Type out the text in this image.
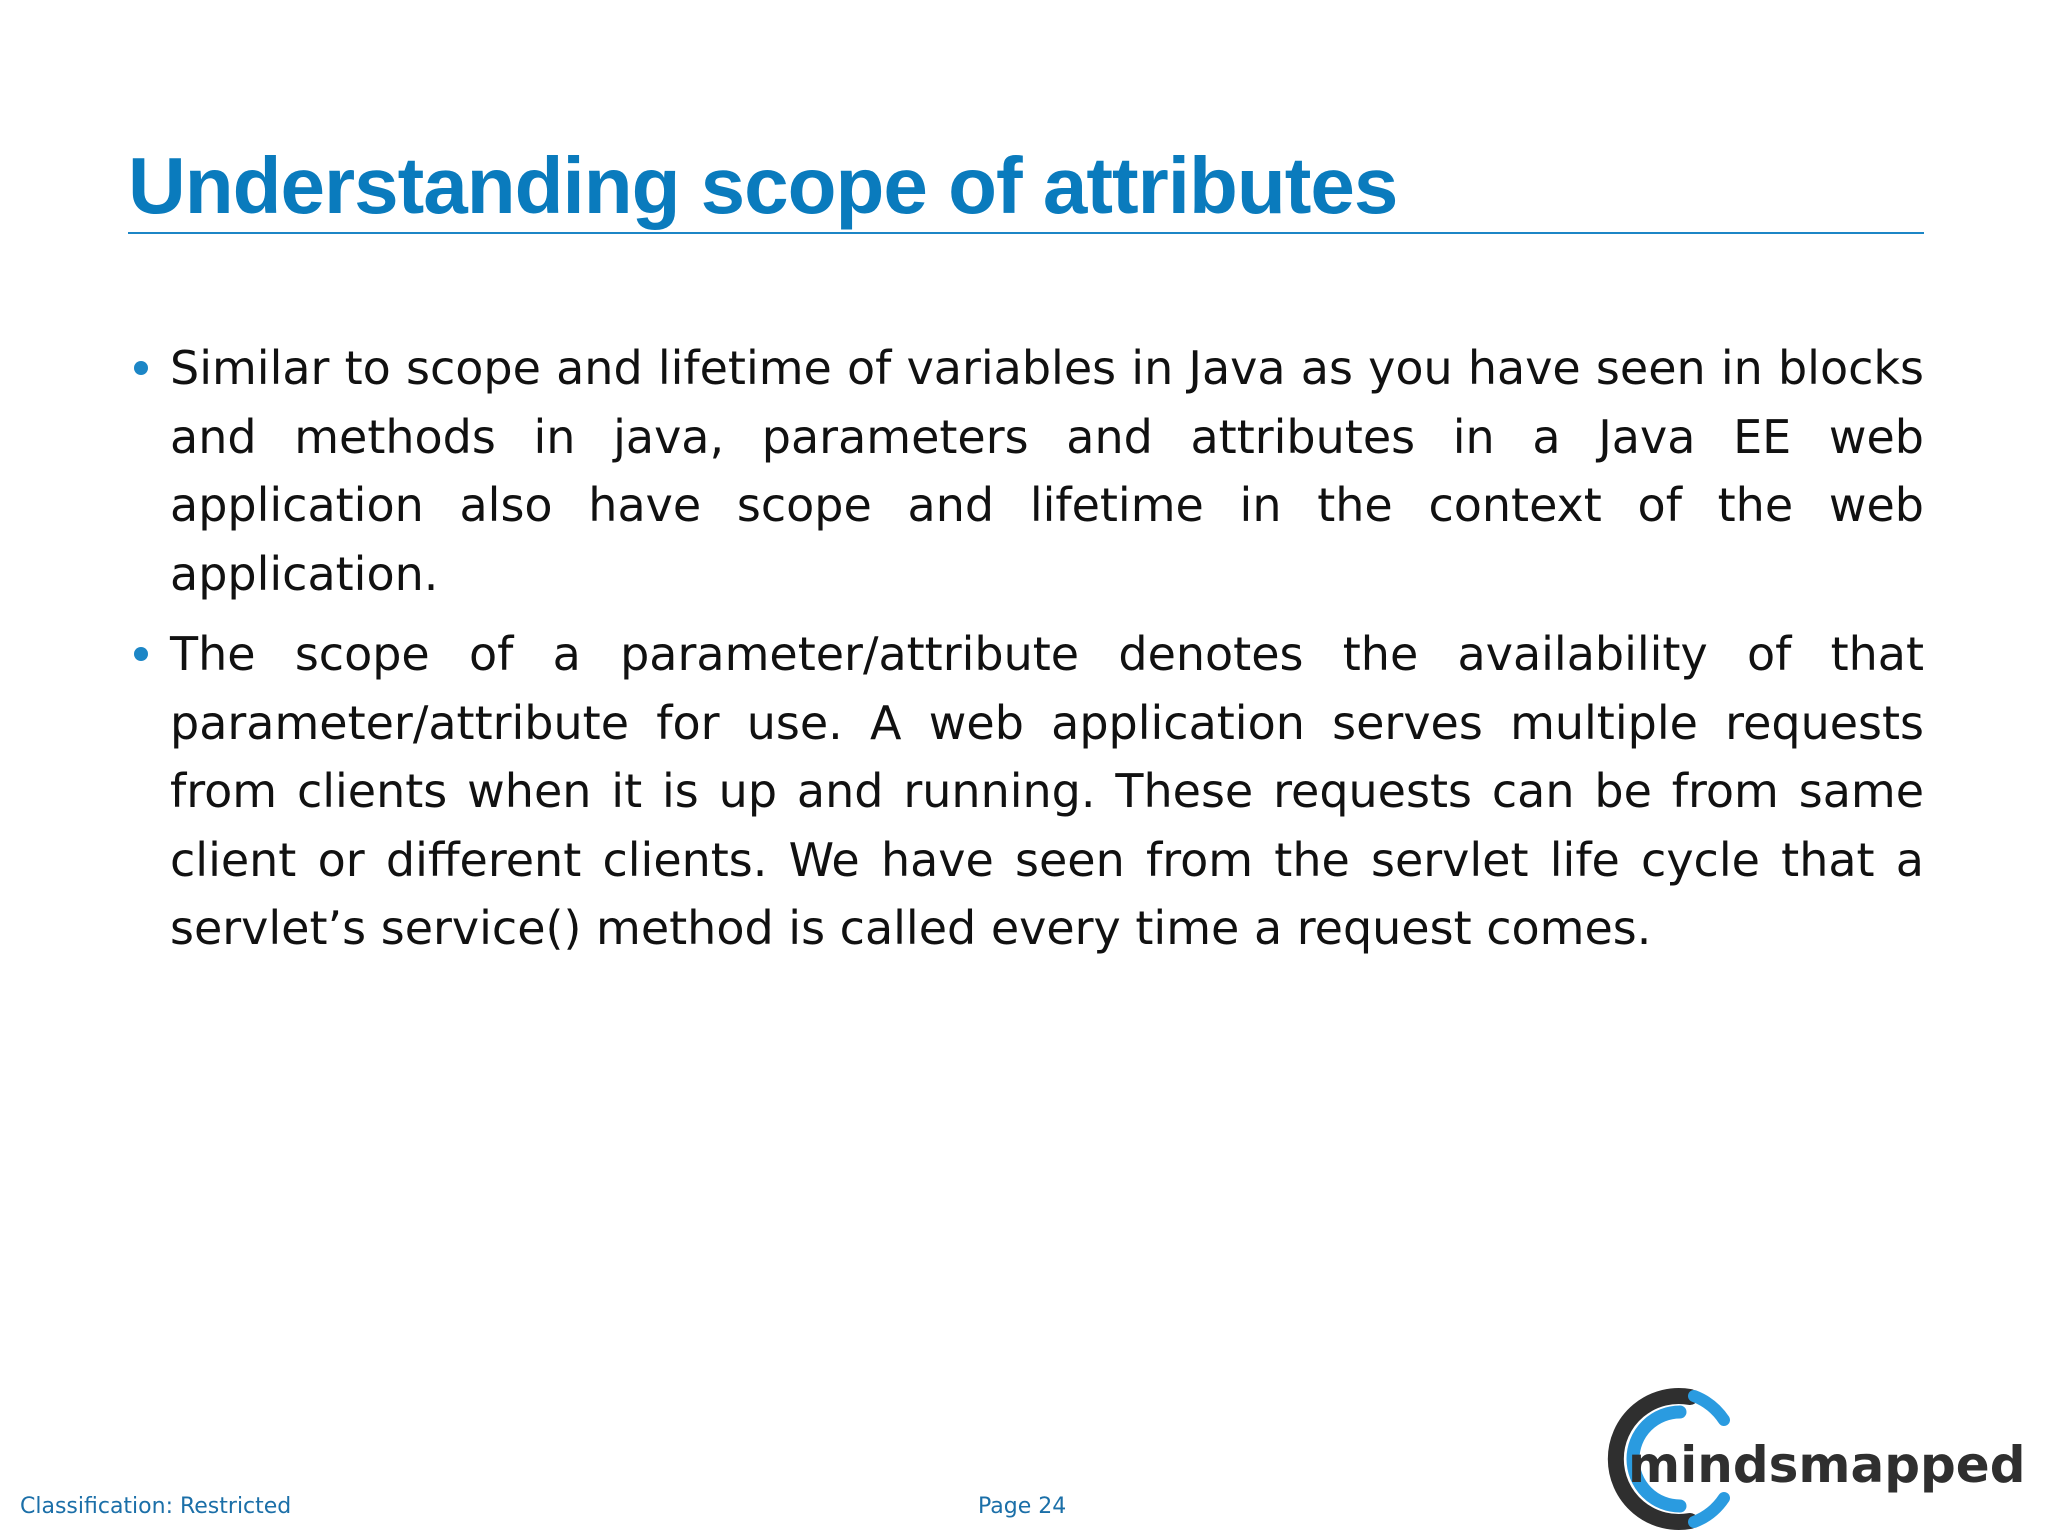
Understanding scope of attributes
Similar to scope and lifetime of variables in Java as you have seen in blocks and methods in java, parameters and attributes in a Java EE web application also have scope and lifetime in the context of the web application.
The scope of a parameter/attribute denotes the availability of that parameter/attribute for use. A web application serves multiple requests from clients when it is up and running. These requests can be from same client or different clients. We have seen from the servlet life cycle that a servlet’s service() method is called every time a request comes.
Classification: Restricted	Page 24
mindsmapped
